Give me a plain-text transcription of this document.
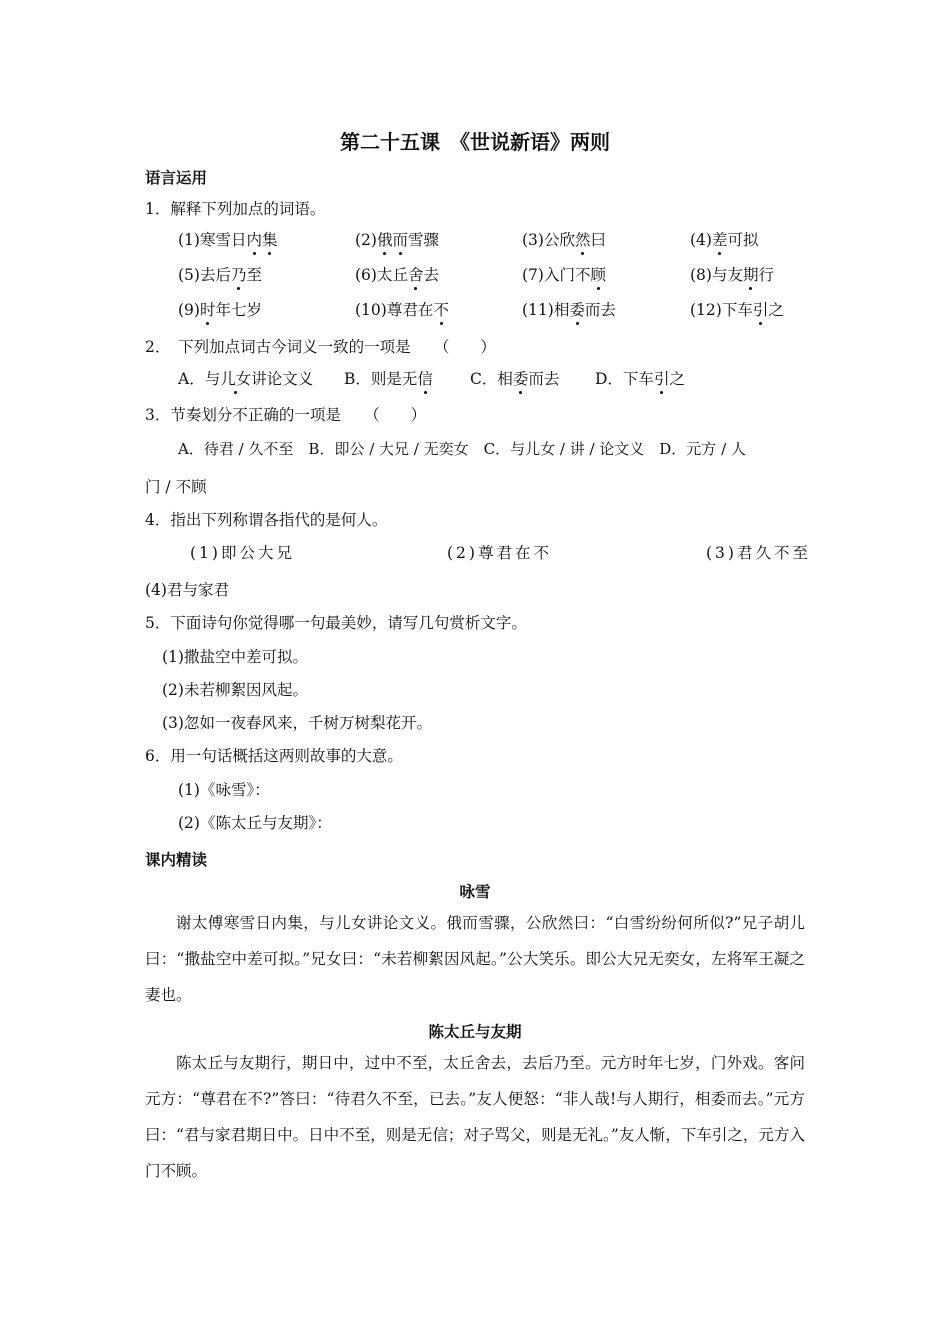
第二十五课　《世说新语》两则
语言运用
1．解释下列加点的词语。
(1)寒雪日内集	(2)俄而雪骤	(3)公欣然曰	(4)差可拟
(5)去后乃至	(6)太丘舍去	(7)入门不顾	(8)与友期行
(9)时年七岁	(10)尊君在不	(11)相委而去	(12)下车引之
2．　下列加点词古今词义一致的一项是　　（　　）
A．与儿女讲论文义 B．则是无信 C．相委而去 D．下车引之
3．节奏划分不正确的一项是　　（　　）
A．待君 / 久不至　B．即公 / 大兄 / 无奕女　C．与儿女 / 讲 / 论文义　D．元方 / 人
门 / 不顾
4．指出下列称谓各指代的是何人。
(1)即公大兄	(2)尊君在不	(3)君久不至
(4)君与家君
5．下面诗句你觉得哪一句最美妙，请写几句赏析文字。
(1)撒盐空中差可拟。
(2)未若柳絮因风起。
(3)忽如一夜春风来，千树万树梨花开。
6．用一句话概括这两则故事的大意。
(1)《咏雪》：
(2)《陈太丘与友期》：
课内精读
咏雪
谢太傅寒雪日内集，与儿女讲论文义。俄而雪骤，公欣然曰：“白雪纷纷何所似?”兄子胡儿曰：“撒盐空中差可拟。”兄女曰：“未若柳絮因风起。”公大笑乐。即公大兄无奕女，左将军王凝之妻也。
陈太丘与友期
陈太丘与友期行，期日中，过中不至，太丘舍去，去后乃至。元方时年七岁，门外戏。客问元方：“尊君在不?”答曰：“待君久不至，已去。”友人便怒：“非人哉!与人期行，相委而去。”元方曰：“君与家君期日中。日中不至，则是无信；对子骂父，则是无礼。”友人惭，下车引之，元方入门不顾。
